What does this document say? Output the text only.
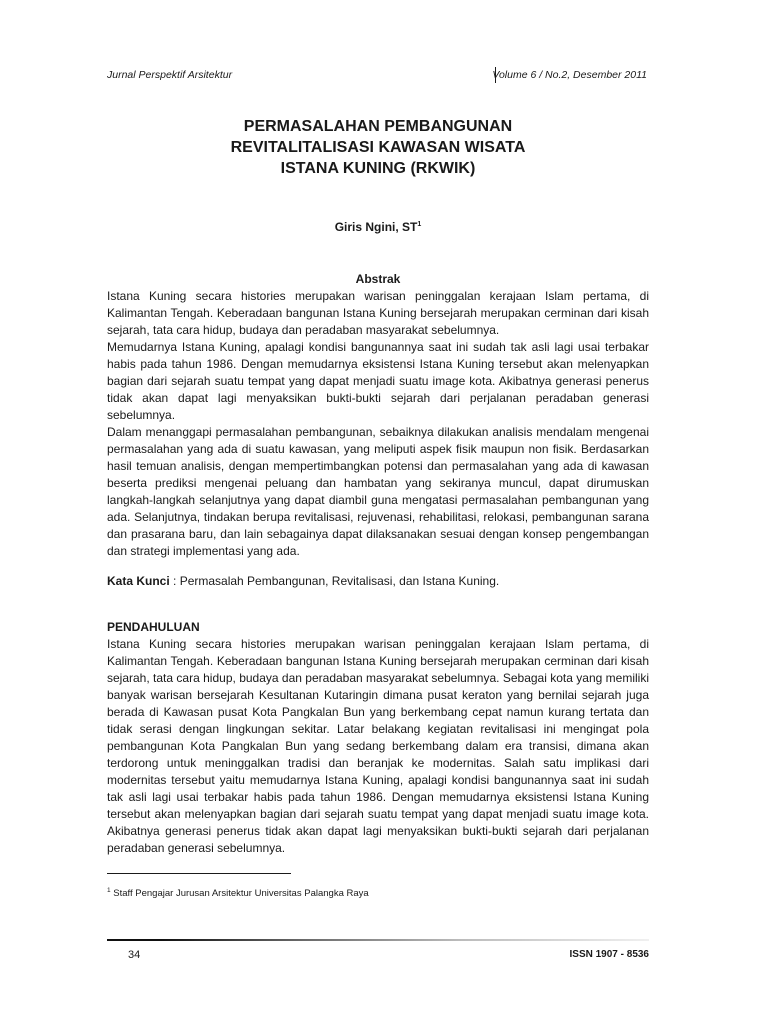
Jurnal Perspektif Arsitektur	Volume 6 / No.2, Desember 2011
PERMASALAHAN PEMBANGUNAN
REVITALITALISASI KAWASAN WISATA
ISTANA KUNING (RKWIK)
Giris Ngini, $ST^1$
Abstrak

Istana Kuning secara histories merupakan warisan peninggalan kerajaan Islam pertama, di Kalimantan Tengah. Keberadaan bangunan Istana Kuning bersejarah merupakan cerminan dari kisah sejarah, tata cara hidup, budaya dan peradaban masyarakat sebelumnya.

Memudarnya Istana Kuning, apalagi kondisi bangunannya saat ini sudah tak asli lagi usai terbakar habis pada tahun 1986. Dengan memudarnya eksistensi Istana Kuning tersebut akan melenyapkan bagian dari sejarah suatu tempat yang dapat menjadi suatu image kota. Akibatnya generasi penerus tidak akan dapat lagi menyaksikan bukti-bukti sejarah dari perjalanan peradaban generasi sebelumnya.

Dalam menanggapi permasalahan pembangunan, sebaiknya dilakukan analisis mendalam mengenai permasalahan yang ada di suatu kawasan, yang meliputi aspek fisik maupun non fisik. Berdasarkan hasil temuan analisis, dengan mempertimbangkan potensi dan permasalahan yang ada di kawasan beserta prediksi mengenai peluang dan hambatan yang sekiranya muncul, dapat dirumuskan langkah-langkah selanjutnya yang dapat diambil guna mengatasi permasalahan pembangunan yang ada. Selanjutnya, tindakan berupa revitalisasi, rejuvenasi, rehabilitasi, relokasi, pembangunan sarana dan prasarana baru, dan lain sebagainya dapat dilaksanakan sesuai dengan konsep pengembangan dan strategi implementasi yang ada.

Kata Kunci : Permasalah Pembangunan, Revitalisasi, dan Istana Kuning.
PENDAHULUAN

Istana Kuning secara histories merupakan warisan peninggalan kerajaan Islam pertama, di Kalimantan Tengah. Keberadaan bangunan Istana Kuning bersejarah merupakan cerminan dari kisah sejarah, tata cara hidup, budaya dan peradaban masyarakat sebelumnya. Sebagai kota yang memiliki banyak warisan bersejarah Kesultanan Kutaringin dimana pusat keraton yang bernilai sejarah juga berada di Kawasan pusat Kota Pangkalan Bun yang berkembang cepat namun kurang tertata dan tidak serasi dengan lingkungan sekitar. Latar belakang kegiatan revitalisasi ini mengingat pola pembangunan Kota Pangkalan Bun yang sedang berkembang dalam era transisi, dimana akan terdorong untuk meninggalkan tradisi dan beranjak ke modernitas. Salah satu implikasi dari modernitas tersebut yaitu memudarnya Istana Kuning, apalagi kondisi bangunannya saat ini sudah tak asli lagi usai terbakar habis pada tahun 1986. Dengan memudarnya eksistensi Istana Kuning tersebut akan melenyapkan bagian dari sejarah suatu tempat yang dapat menjadi suatu image kota. Akibatnya generasi penerus tidak akan dapat lagi menyaksikan bukti-bukti sejarah dari perjalanan peradaban generasi sebelumnya.

$^1$ Staff Pengajar Jurusan Arsitektur Universitas Palangka Raya
34	ISSN 1907 - 8536
